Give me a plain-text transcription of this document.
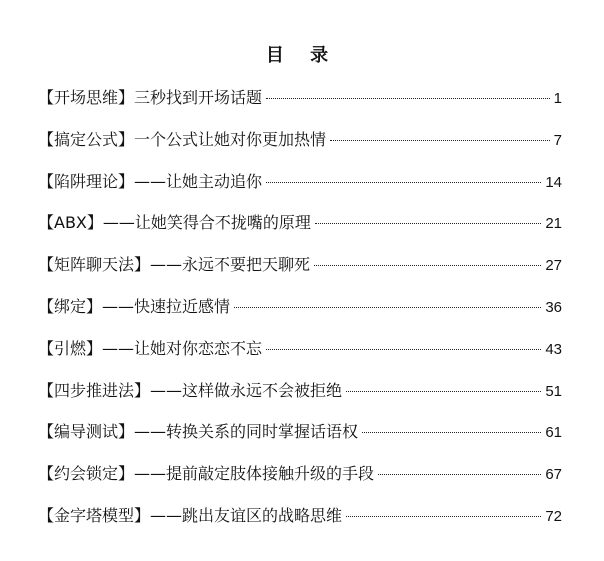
目 录
【开场思维】三秒找到开场话题	1
【搞定公式】一个公式让她对你更加热情	7
【陷阱理论】——让她主动追你	14
【ABX】——让她笑得合不拢嘴的原理	21
【矩阵聊天法】——永远不要把天聊死	27
【绑定】——快速拉近感情	36
【引燃】——让她对你恋恋不忘	43
【四步推进法】——这样做永远不会被拒绝	51
【编导测试】——转换关系的同时掌握话语权	61
【约会锁定】——提前敲定肢体接触升级的手段	67
【金字塔模型】——跳出友谊区的战略思维	72
